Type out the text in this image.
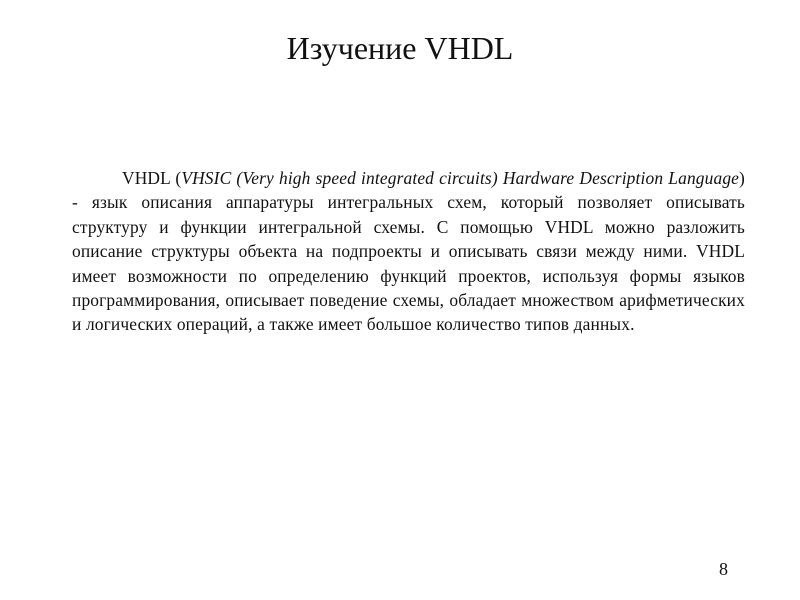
Изучение VHDL

VHDL (VHSIC (Very high speed integrated circuits) Hardware Description Language) - язык описания аппаратуры интегральных схем, который позволяет описывать структуру и функции интегральной схемы. С помощью VHDL можно разложить описание структуры объекта на подпроекты и описывать связи между ними. VHDL имеет возможности по определению функций проектов, используя формы языков программирования, описывает поведение схемы, обладает множеством арифметических и логических операций, а также имеет большое количество типов данных.

8
